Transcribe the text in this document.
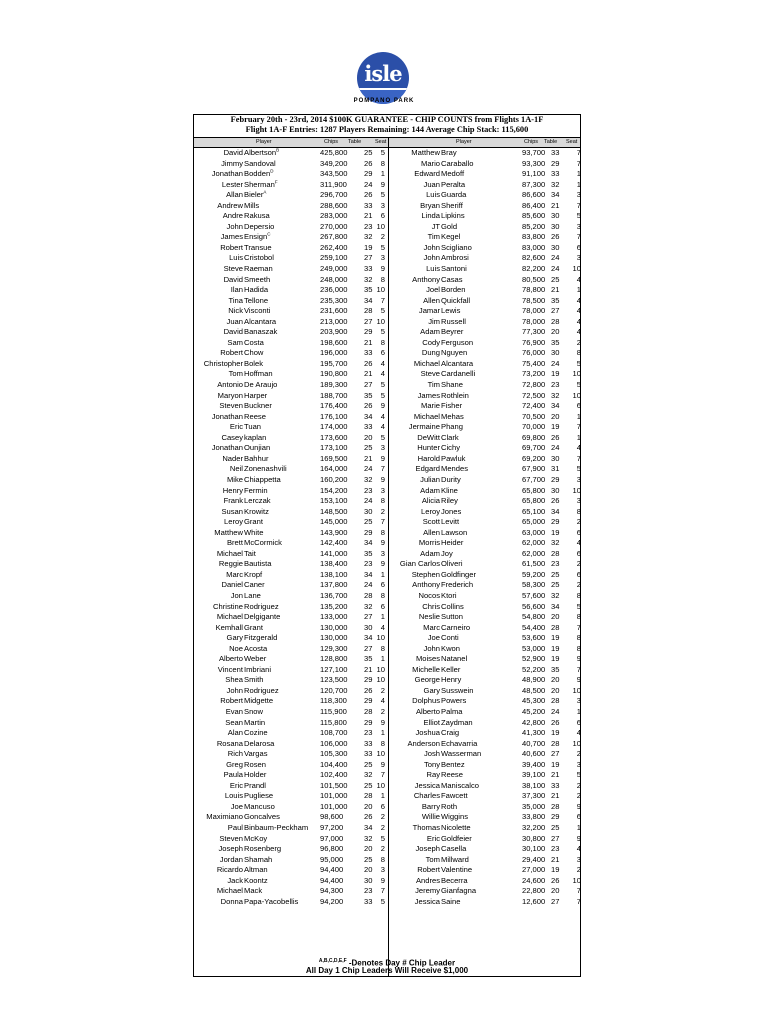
isle
CASINO · RACING
POMPANO PARK
February 20th - 23rd, 2014 $100K GUARANTEE - CHIP COUNTS from Flights 1A-1F
Flight 1A-F Entries: 1287 Players Remaining: 144 Average Chip Stack: 115,600
Player	Chips Table	Seat	Player	Chips Table Seat
David Albertson$^B$	425,800 25 5
Jimmy Sandoval	349,200 26 8
Jonathan Bodden$^D$	343,500 29 1
Lester Sherman$^F$	311,900 24 9
Allan Bieler$^A$	296,700 26 5
Andrew Mills	288,600 33 3
Andre Rakusa	283,000 21 6
John Depersio	270,000 23 10
James Ensign$^C$	267,800 32 2
Robert Transue	262,400 19 5
Luis Cristobol	259,100 27 3
Steve Raeman	249,000 33 9
David Smeeth	248,000 32 8
Ilan Hadida	236,000 35 10
Tina Tellone	235,300 34 7
Nick Visconti	231,600 28 5
Juan Alcantara	213,000 27 10
David Banaszak	203,900 29 5
Sam Costa	198,600 21 8
Robert Chow	196,000 33 6
Christopher Bolek	195,700 26 4
Tom Hoffman	190,800 21 4
Antonio De Araujo	189,300 27 5
Maryon Harper	188,700 35 5
Steven Buckner	176,400 26 9
Jonathan Reese	176,100 34 4
Eric Tuan	174,000 33 4
Casey kaplan	173,600 20 5
Jonathan Ounjian	173,100 25 3
Nader Bahhur	169,500 21 9
Neil Zonenashvili	164,000 24 7
Mike Chiappetta	160,200 32 9
Henry Fermin	154,200 23 3
Frank Lerczak	153,100 24 8
Susan Krowitz	148,500 30 2
Leroy Grant	145,000 25 7
Matthew White	143,900 29 8
Brett McCormick	142,400 34 9
Michael Tait	141,000 35 3
Reggie Bautista	138,400 23 9
Marc Kropf	138,100 34 1
Daniel Caner	137,800 24 6
Jon Lane	136,700 28 8
Christine Rodriguez	135,200 32 6
Michael Delgigante	133,000 27 1
Kemhall Grant	130,000 30 4
Gary Fitzgerald	130,000 34 10
Noe Acosta	129,300 27 8
Alberto Weber	128,800 35 1
Vincent Imbriani	127,100 21 10
Shea Smith	123,500 29 10
John Rodriguez	120,700 26 2
Robert Midgette	118,300 29 4
Evan Snow	115,900 28 2
Sean Martin	115,800 29 9
Alan Cozine	108,700 23 1
Rosana Delarosa	106,000 33 8
Rich Vargas	105,300 33 10
Greg Rosen	104,400 25 9
Paula Holder	102,400 32 7
Eric Prandl	101,500 25 10
Louis Pugliese	101,000 28 1
Joe Mancuso	101,000 20 6
Maximiano Goncalves	98,600	26 2
Paul Binbaum-Peckham 97,200	34 2
Steven McKoy	97,000	32 5
Joseph Rosenberg	96,800	20 2
Jordan Shamah	95,000	25 8
Ricardo Altman	94,400	20 3
Jack Koontz	94,400	30 9
Michael Mack	94,300	23 7
Donna Papa-Yacobellis	94,200	33 5
Matthew Bray	93,700 33 7
Mario Caraballo	93,300 29 7
Edward Medoff	91,100 33 1
Juan Peralta	87,300 32 1
Luis Guarda	86,600 34 3
Bryan Sheriff	86,400 21 7
Linda Lipkins	85,600 30 5
JT Gold	85,200 30 3
Tim Kegel	83,800 26 7
John Scigliano	83,000 30 6
John Ambrosi	82,600 24 3
Luis Santoni	82,200 24 10
Anthony Casas	80,500 25 4
Joel Borden	78,800 21 1
Allen Quickfall	78,500 35 4
Jamar Lewis	78,000 27 4
Jim Russell	78,000 28 4
Adam Beyrer	77,300 20 4
Cody Ferguson	76,900 35 2
Dung Nguyen	76,000 30 8
Michael Alcantara	75,400 24 5
Steve Cardanelli	73,200 19 10
Tim Shane	72,800 23 5
James Rothlein	72,500 32 10
Marie Fisher	72,400 34 6
Michael Mehas	70,500 20 1
Jermaine Phang	70,000 19 7
DeWitt Clark	69,800 26 1
Hunter Cichy	69,700 24 4
Harold Pawluk	69,200 30 7
Edgard Mendes	67,900 31 5
Julian Durity	67,700 29 3
Adam Kline	65,800 30 10
Alicia Riley	65,800 26 3
Leroy Jones	65,100 34 8
Scott Levitt	65,000 29 2
Allen Lawson	63,000 19 6
Morris Heider	62,000 32 4
Adam Joy	62,000 28 6
Gian Carlos Oliveri	61,500 23 2
Stephen Goldfinger	59,200 25 6
Anthony Frederich	58,300 25 2
Nocos Ktori	57,600 32 8
Chris Collins	56,600 34 5
Neslie Sutton	54,800 20 8
Marc Carneiro	54,400 28 7
Joe Conti	53,600 19 8
John Kwon	53,000 19 8
Moises Natanel	52,900 19 9
Michelle Keller	52,200 35 7
George Henry	48,900 20 9
Gary Susswein	48,500 20 10
Dolphus Powers	45,300 28 3
Alberto Palma	45,200 24 1
Elliot Zaydman	42,800 26 6
Joshua Craig	41,300 19 4
Anderson Echavarria	40,700 28 10
Josh Wasserman	40,600 27 2
Tony Bentez	39,400 19 3
Ray Reese	39,100 21 5
Jessica Maniscalco	38,100 33 2
Charles Fawcett	37,300 21 2
Barry Roth	35,000 28 9
Willie Wiggins	33,800 29 6
Thomas Nicolette	32,200 25 1
Eric Goldfeier	30,800 27 9
Joseph Casella	30,100 23 4
Tom Millward	29,400 21 3
Robert Valentine	27,000 19 2
Andres Becerra	24,600 26 10
Jeremy Gianfagna	22,800 20 7
Jessica Saine	12,600 27 7
$^{A,B,C,D,E,F}$ -Denotes Day # Chip Leader
All Day 1 Chip Leaders Will Receive $1,000
